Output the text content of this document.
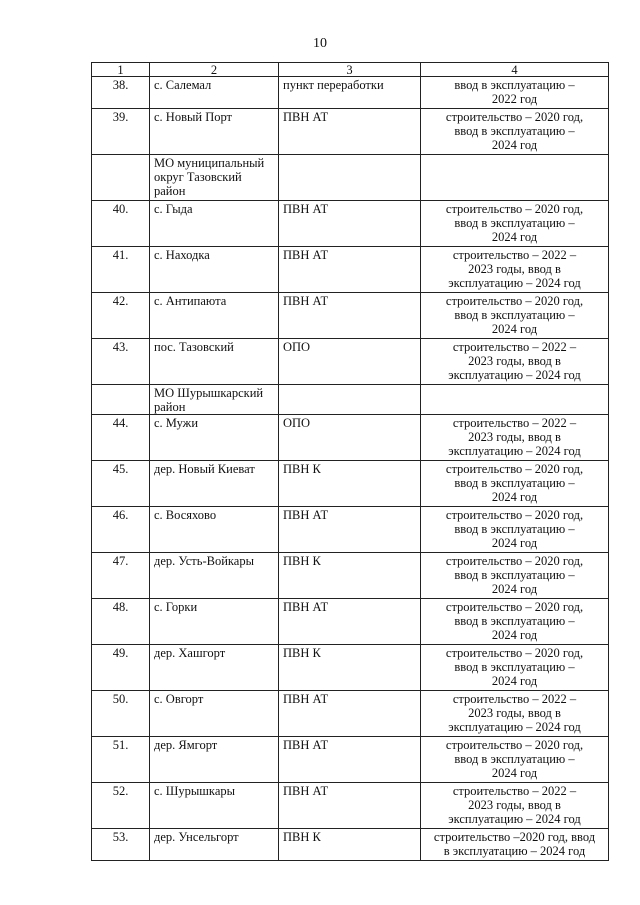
10
1	2	3	4
38.	с. Салемал	пункт переработки	ввод в эксплуатацию –
2022 год
39.	с. Новый Порт	ПВН АТ	строительство – 2020 год,
ввод в эксплуатацию –
2024 год
	МО муниципальный округ Тазовский район		
40.	с. Гыда	ПВН АТ	строительство – 2020 год,
ввод в эксплуатацию –
2024 год
41.	с. Находка	ПВН АТ	строительство – 2022 –
2023 годы, ввод в
эксплуатацию – 2024 год
42.	с. Антипаюта	ПВН АТ	строительство – 2020 год,
ввод в эксплуатацию –
2024 год
43.	пос. Тазовский	ОПО	строительство – 2022 –
2023 годы, ввод в
эксплуатацию – 2024 год
	МО Шурышкарский район		
44.	с. Мужи	ОПО	строительство – 2022 –
2023 годы, ввод в
эксплуатацию – 2024 год
45.	дер. Новый Киеват	ПВН К	строительство – 2020 год,
ввод в эксплуатацию –
2024 год
46.	с. Восяхово	ПВН АТ	строительство – 2020 год,
ввод в эксплуатацию –
2024 год
47.	дер. Усть-Войкары	ПВН К	строительство – 2020 год,
ввод в эксплуатацию –
2024 год
48.	с. Горки	ПВН АТ	строительство – 2020 год,
ввод в эксплуатацию –
2024 год
49.	дер. Хашгорт	ПВН К	строительство – 2020 год,
ввод в эксплуатацию –
2024 год
50.	с. Овгорт	ПВН АТ	строительство – 2022 –
2023 годы, ввод в
эксплуатацию – 2024 год
51.	дер. Ямгорт	ПВН АТ	строительство – 2020 год,
ввод в эксплуатацию –
2024 год
52.	с. Шурышкары	ПВН АТ	строительство – 2022 –
2023 годы, ввод в
эксплуатацию – 2024 год
53.	дер. Унсельгорт	ПВН К	строительство –2020 год, ввод
в эксплуатацию – 2024 год
